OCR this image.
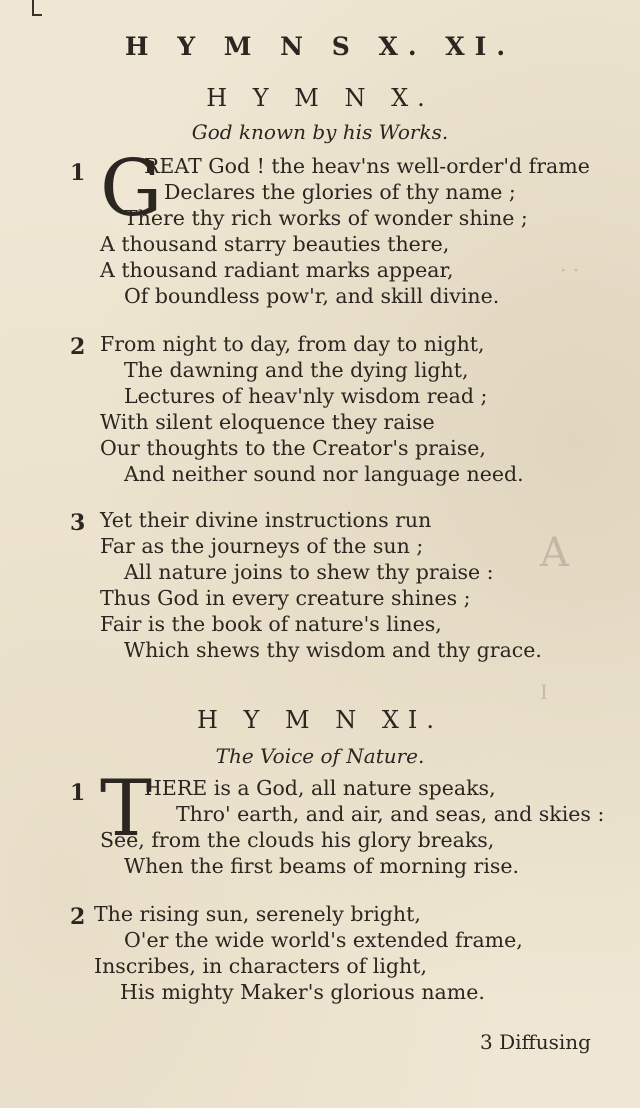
H Y M N S X. XI.
H Y M N X.
God known by his Works.
1 G
REAT God ! the heav'ns well-order'd frame
Declares the glories of thy name ;
There thy rich works of wonder shine ;
A thousand starry beauties there,
A thousand radiant marks appear,
Of boundless pow'r, and skill divine.
2 From night to day, from day to night,
The dawning and the dying light,
Lectures of heav'nly wisdom read ;
With silent eloquence they raise
Our thoughts to the Creator's praise,
And neither sound nor language need.
3 Yet their divine instructions run
Far as the journeys of the sun ;
All nature joins to shew thy praise :
Thus God in every creature shines ;
Fair is the book of nature's lines,
Which shews thy wisdom and thy grace.
H Y M N XI.
The Voice of Nature.
1 T
HERE is a God, all nature speaks,
Thro' earth, and air, and seas, and skies :
See, from the clouds his glory breaks,
When the first beams of morning rise.
2 The rising sun, serenely bright,
O'er the wide world's extended frame,
Inscribes, in characters of light,
His mighty Maker's glorious name.
3 Diffusing
· ·
A
I
